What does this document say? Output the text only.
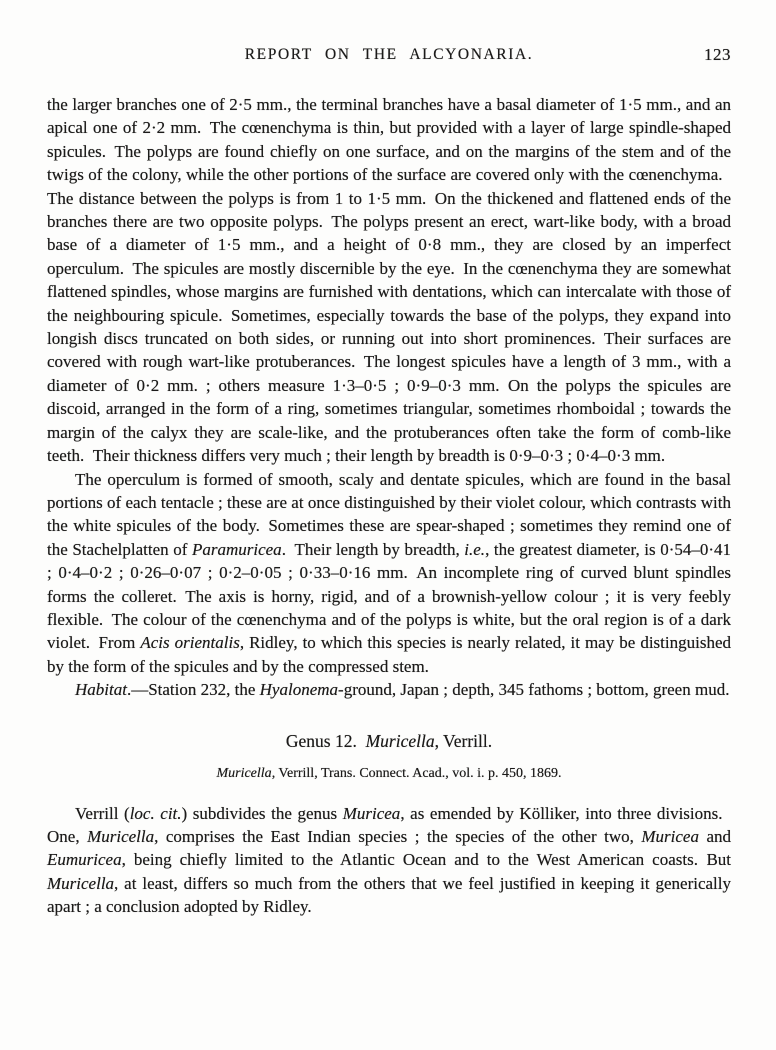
REPORT ON THE ALCYONARIA.	123

the larger branches one of 2·5 mm., the terminal branches have a basal diameter of 1·5 mm., and an apical one of 2·2 mm. The cœnenchyma is thin, but provided with a layer of large spindle-shaped spicules. The polyps are found chiefly on one surface, and on the margins of the stem and of the twigs of the colony, while the other portions of the surface are covered only with the cœnenchyma. The distance between the polyps is from 1 to 1·5 mm. On the thickened and flattened ends of the branches there are two opposite polyps. The polyps present an erect, wart-like body, with a broad base of a diameter of 1·5 mm., and a height of 0·8 mm., they are closed by an imperfect operculum. The spicules are mostly discernible by the eye. In the cœnenchyma they are somewhat flattened spindles, whose margins are furnished with dentations, which can intercalate with those of the neighbouring spicule. Sometimes, especially towards the base of the polyps, they expand into longish discs truncated on both sides, or running out into short prominences. Their surfaces are covered with rough wart-like protuberances. The longest spicules have a length of 3 mm., with a diameter of 0·2 mm. ; others measure 1·3–0·5 ; 0·9–0·3 mm. On the polyps the spicules are discoid, arranged in the form of a ring, sometimes triangular, sometimes rhomboidal ; towards the margin of the calyx they are scale-like, and the protuberances often take the form of comb-like teeth. Their thickness differs very much ; their length by breadth is 0·9–0·3 ; 0·4–0·3 mm.

The operculum is formed of smooth, scaly and dentate spicules, which are found in the basal portions of each tentacle ; these are at once distinguished by their violet colour, which contrasts with the white spicules of the body. Sometimes these are spear-shaped ; sometimes they remind one of the Stachelplatten of Paramuricea. Their length by breadth, i.e., the greatest diameter, is 0·54–0·41 ; 0·4–0·2 ; 0·26–0·07 ; 0·2–0·05 ; 0·33–0·16 mm. An incomplete ring of curved blunt spindles forms the colleret. The axis is horny, rigid, and of a brownish-yellow colour ; it is very feebly flexible. The colour of the cœnenchyma and of the polyps is white, but the oral region is of a dark violet. From Acis orientalis, Ridley, to which this species is nearly related, it may be distinguished by the form of the spicules and by the compressed stem.

Habitat.—Station 232, the Hyalonema-ground, Japan ; depth, 345 fathoms ; bottom, green mud.

Genus 12. Muricella, Verrill.

Muricella, Verrill, Trans. Connect. Acad., vol. i. p. 450, 1869.

Verrill (loc. cit.) subdivides the genus Muricea, as emended by Kölliker, into three divisions. One, Muricella, comprises the East Indian species ; the species of the other two, Muricea and Eumuricea, being chiefly limited to the Atlantic Ocean and to the West American coasts. But Muricella, at least, differs so much from the others that we feel justified in keeping it generically apart ; a conclusion adopted by Ridley.
